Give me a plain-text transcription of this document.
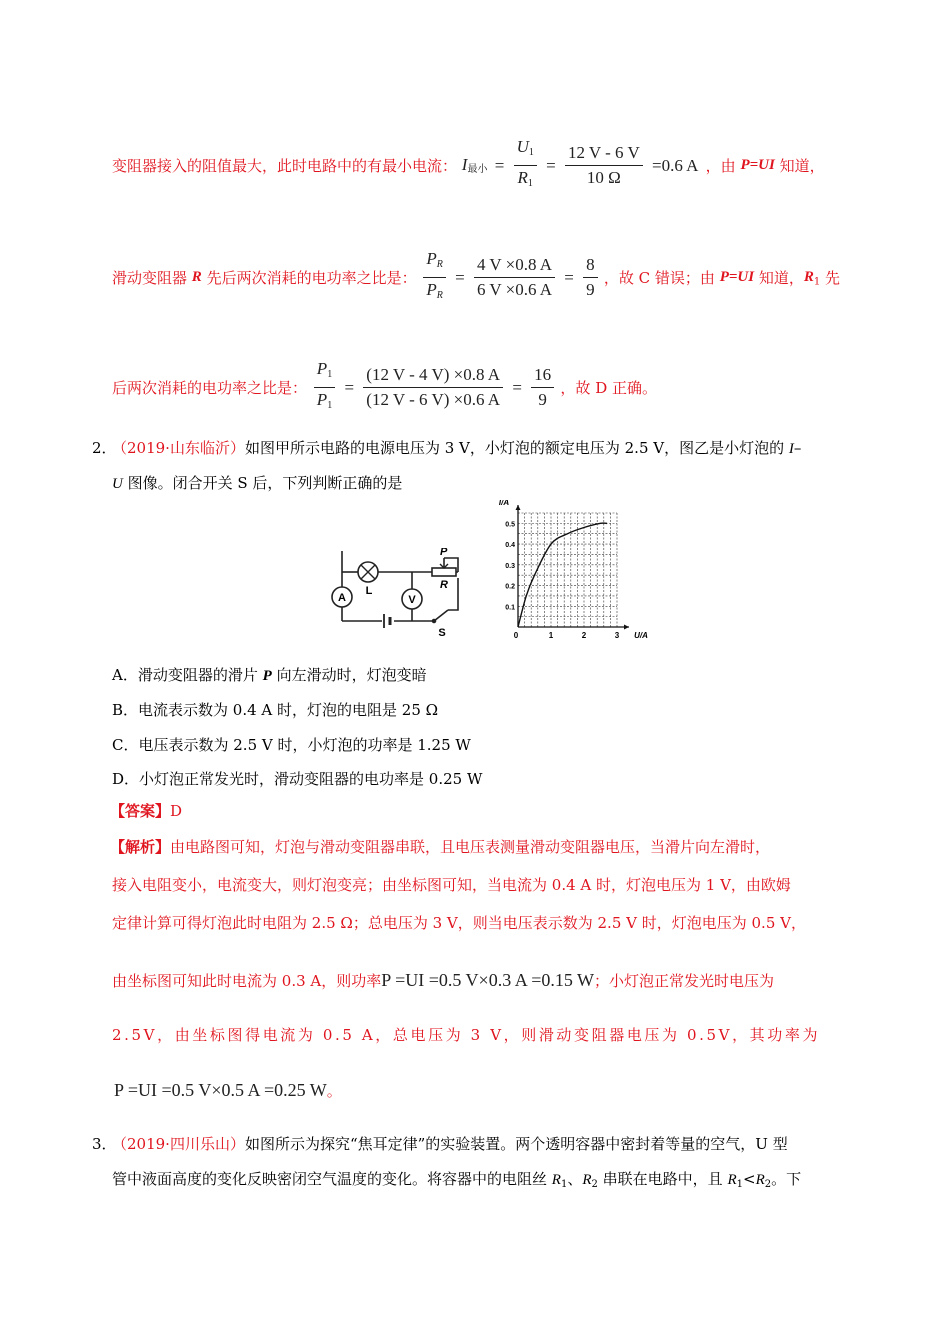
变阻器接入的阻值最大，此时电路中的有最小电流： $I_{最小} = \frac{U_1}{R_1} = \frac{12 V - 6 V}{10 \Omega} =0.6$ A ，由 P=UI 知道，
滑动变阻器 R 先后两次消耗的电功率之比是： $\frac{P_R}{P_R} = \frac{4 V \times 0.8 A}{6 V \times 0.6 A} = \frac{8}{9}$ ，故 C 错误；由 P=UI 知道，$R_1$ 先
后两次消耗的电功率之比是： $\frac{P_1}{P_1} = \frac{(12 V - 4 V) \times 0.8 A}{(12 V - 6 V) \times 0.6 A} = \frac{16}{9}$ ，故 D 正确。
2．
（2019·山东临沂）如图甲所示电路的电源电压为 3 V，小灯泡的额定电压为 2.5 V，图乙是小灯泡的 I–
U 图像。闭合开关 S 后，下列判断正确的是
L
A	V
P
R
S	0	1	2	3
0.1
0.2
0.3
0.4
0.5
U/A
I/A
A．滑动变阻器的滑片 P 向左滑动时，灯泡变暗
B．电流表示数为 0.4 A 时，灯泡的电阻是 25 Ω
C．电压表示数为 2.5 V 时，小灯泡的功率是 1.25 W
D．小灯泡正常发光时，滑动变阻器的电功率是 0.25 W
【答案】D
【解析】由电路图可知，灯泡与滑动变阻器串联，且电压表测量滑动变阻器电压，当滑片向左滑时，
接入电阻变小，电流变大，则灯泡变亮；由坐标图可知，当电流为 0.4 A 时，灯泡电压为 1 V，由欧姆
定律计算可得灯泡此时电阻为 2.5 Ω；总电压为 3 V，则当电压表示数为 2.5 V 时，灯泡电压为 0.5 V，
由坐标图可知此时电流为 0.3 A，则功率P =UI =0.5 V×0.3 A =0.15 W；小灯泡正常发光时电压为
2.5V，由坐标图得电流为 0.5 A，总电压为 3 V，则滑动变阻器电压为 0.5V，其功率为
P =UI =0.5 V×0.5 A =0.25 W。
3．
（2019·四川乐山）如图所示为探究“焦耳定律”的实验装置。两个透明容器中密封着等量的空气，U 型
管中液面高度的变化反映密闭空气温度的变化。将容器中的电阻丝 $R_1$、$R_2$ 串联在电路中，且 $R_1<R_2$。下
